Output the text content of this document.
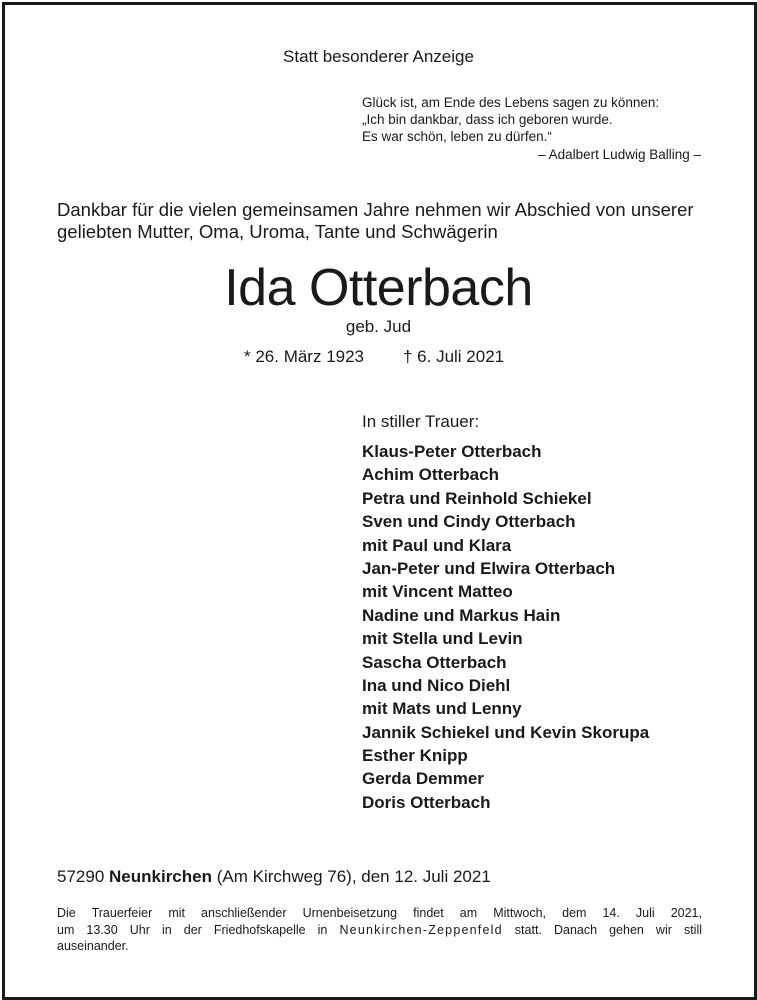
Statt besonderer Anzeige
Glück ist, am Ende des Lebens sagen zu können:
„Ich bin dankbar, dass ich geboren wurde.
Es war schön, leben zu dürfen.“
– Adalbert Ludwig Balling –
Dankbar für die vielen gemeinsamen Jahre nehmen wir Abschied von unserer
geliebten Mutter, Oma, Uroma, Tante und Schwägerin
Ida Otterbach
geb. Jud
* 26. März 1923 † 6. Juli 2021
In stiller Trauer:
Klaus-Peter Otterbach
Achim Otterbach
Petra und Reinhold Schiekel
Sven und Cindy Otterbach
mit Paul und Klara
Jan-Peter und Elwira Otterbach
mit Vincent Matteo
Nadine und Markus Hain
mit Stella und Levin
Sascha Otterbach
Ina und Nico Diehl
mit Mats und Lenny
Jannik Schiekel und Kevin Skorupa
Esther Knipp
Gerda Demmer
Doris Otterbach
57290 Neunkirchen (Am Kirchweg 76), den 12. Juli 2021

Die Trauerfeier mit anschließender Urnenbeisetzung findet am Mittwoch, dem 14. Juli 2021,

um 13.30 Uhr in der Friedhofskapelle in Neunkirchen-Zeppenfeld statt. Danach gehen wir still

auseinander.
